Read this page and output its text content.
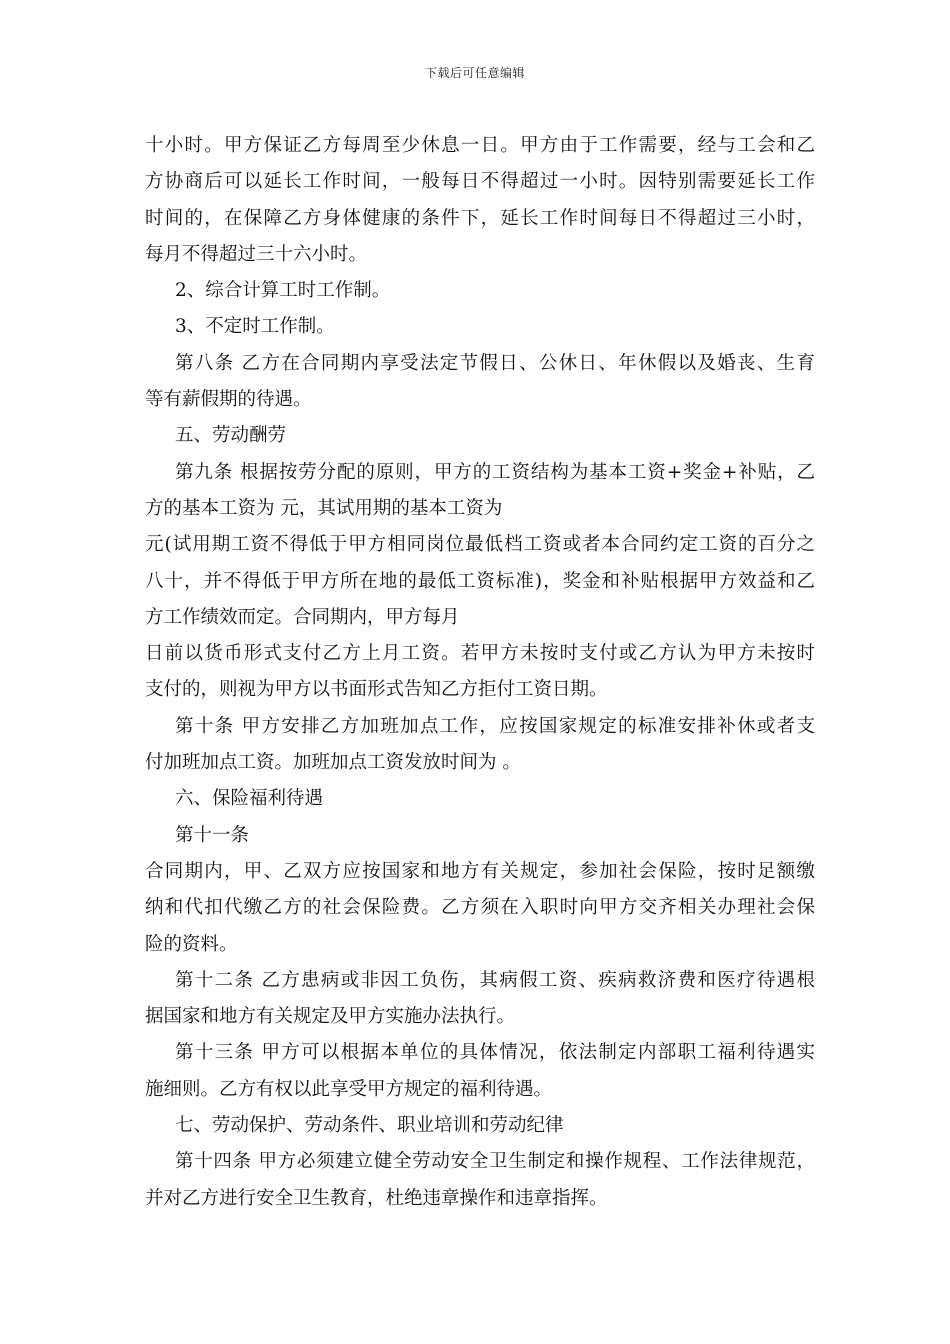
下载后可任意编辑
十小时。甲方保证乙方每周至少休息一日。甲方由于工作需要，经与工会和乙
方协商后可以延长工作时间，一般每日不得超过一小时。因特别需要延长工作
时间的，在保障乙方身体健康的条件下，延长工作时间每日不得超过三小时，
每月不得超过三十六小时。
2、综合计算工时工作制。
3、不定时工作制。
第八条 乙方在合同期内享受法定节假日、公休日、年休假以及婚丧、生育
等有薪假期的待遇。
五、劳动酬劳
第九条 根据按劳分配的原则，甲方的工资结构为基本工资+奖金+补贴，乙
方的基本工资为 元，其试用期的基本工资为
元(试用期工资不得低于甲方相同岗位最低档工资或者本合同约定工资的百分之
八十，并不得低于甲方所在地的最低工资标准)，奖金和补贴根据甲方效益和乙
方工作绩效而定。合同期内，甲方每月
日前以货币形式支付乙方上月工资。若甲方未按时支付或乙方认为甲方未按时
支付的，则视为甲方以书面形式告知乙方拒付工资日期。
第十条 甲方安排乙方加班加点工作，应按国家规定的标准安排补休或者支
付加班加点工资。加班加点工资发放时间为 。
六、保险福利待遇
第十一条
合同期内，甲、乙双方应按国家和地方有关规定，参加社会保险，按时足额缴
纳和代扣代缴乙方的社会保险费。乙方须在入职时向甲方交齐相关办理社会保
险的资料。
第十二条 乙方患病或非因工负伤，其病假工资、疾病救济费和医疗待遇根
据国家和地方有关规定及甲方实施办法执行。
第十三条 甲方可以根据本单位的具体情况，依法制定内部职工福利待遇实
施细则。乙方有权以此享受甲方规定的福利待遇。
七、劳动保护、劳动条件、职业培训和劳动纪律
第十四条 甲方必须建立健全劳动安全卫生制定和操作规程、工作法律规范，
并对乙方进行安全卫生教育，杜绝违章操作和违章指挥。
